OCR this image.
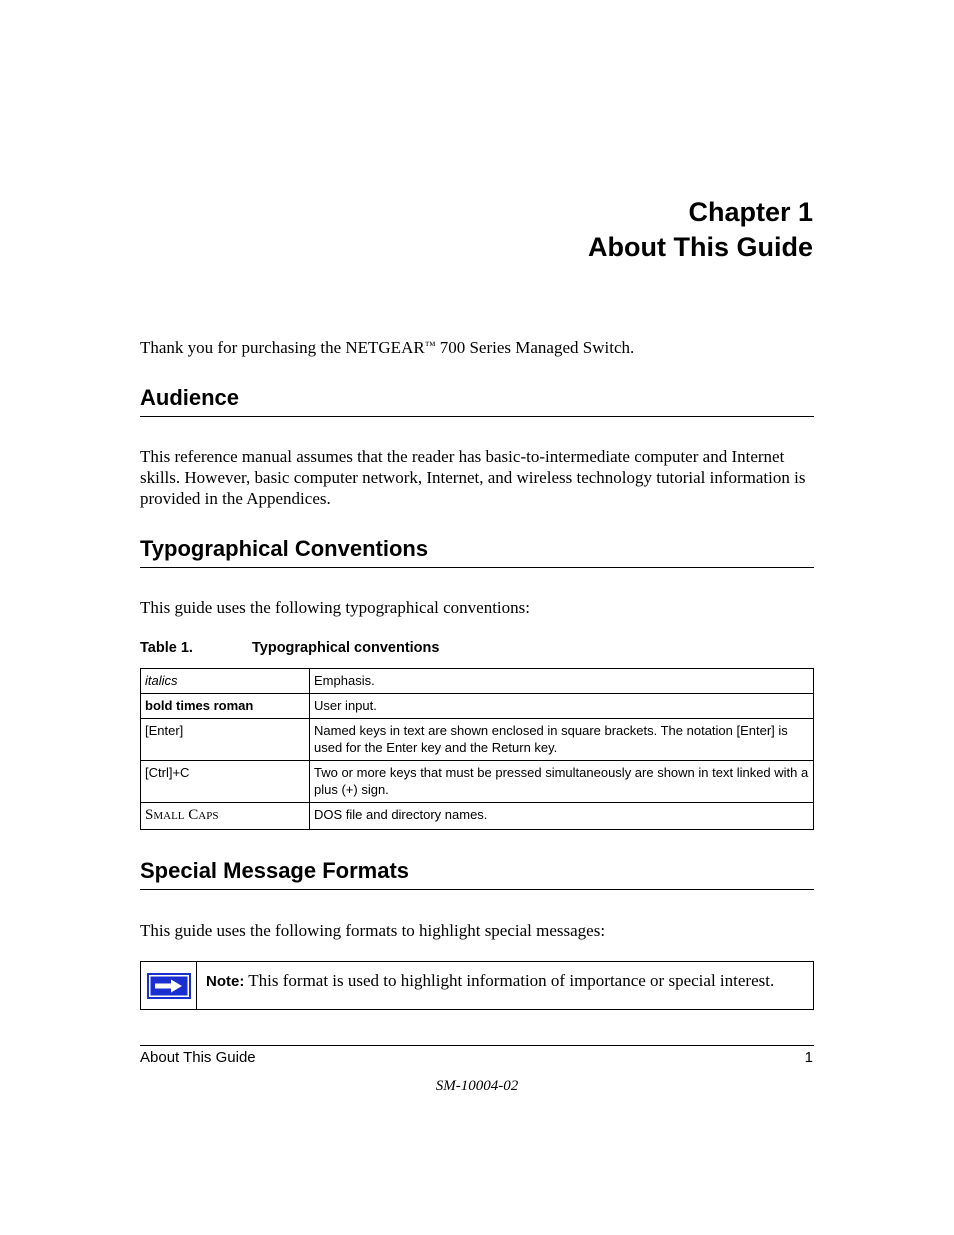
Chapter 1
About This Guide
Thank you for purchasing the NETGEAR™ 700 Series Managed Switch.
Audience
This reference manual assumes that the reader has basic-to-intermediate computer and Internet skills. However, basic computer network, Internet, and wireless technology tutorial information is provided in the Appendices.
Typographical Conventions
This guide uses the following typographical conventions:
Table 1.	Typographical conventions
italics	Emphasis.
bold times roman	User input.
[Enter]	Named keys in text are shown enclosed in square brackets. The notation [Enter] is used for the Enter key and the Return key.
[Ctrl]+C	Two or more keys that must be pressed simultaneously are shown in text linked with a plus (+) sign.
Small Caps	DOS file and directory names.
Special Message Formats
This guide uses the following formats to highlight special messages:
Note: This format is used to highlight information of importance or special interest.
About This Guide	1
SM-10004-02
